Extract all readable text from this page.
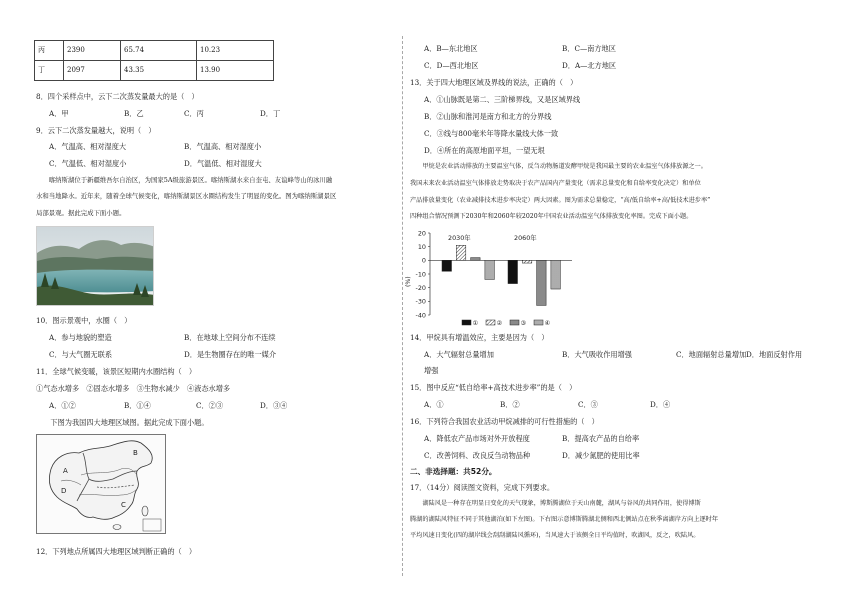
丙	2390	65.74	10.23
丁	2097	43.35	13.90
8．四个采样点中，云下二次蒸发量最大的是（　）
A．甲	B．乙	C．丙	D．丁
9．云下二次蒸发量越大，说明（　）
A．气温高、相对湿度大	B．气温高、相对湿度小
C．气温低、相对湿度小	D．气温低、相对湿度大
　　喀纳斯湖位于新疆维吾尔自治区，为国家5A级旅游景区。喀纳斯湖水来自奎屯、友谊峰等山的冰川融
水和当地降水。近年来，随着全球气候变化，喀纳斯湖景区水圈结构发生了明显的变化。图为喀纳斯湖景区
局部景观。据此完成下面小题。
10．图示景观中，水圈（　）
A．参与地貌的塑造	B．在地球上空间分布不连续
C．与大气圈无联系	D．是生物圈存在的唯一媒介
11．全球气候变暖，该景区短期内水圈结构（　）
①气态水增多　②固态水增多　③生物水减少　④液态水增多
A．①②	B．①④	C．②③	D．③④
　　下图为我国四大地理区域图。据此完成下面小题。
A
B
C
D
12．下列地点所属四大地理区域判断正确的（　）
A．B—东北地区	B．C—南方地区
C．D—西北地区	D．A—北方地区
13．关于四大地理区域及界线的说法，正确的（　）
A．①山脉既是第二、三阶梯界线，又是区域界线
B．②山脉和淮河是南方和北方的分界线
C．③线与800毫米年等降水量线大体一致
D．④所在的高原地面平坦，一望无垠
　　甲烷是农业活动排放的主要温室气体，反刍动物肠道发酵甲烷是我国最主要的农业温室气体排放源之一。
我国未来农业活动温室气体排放走势取决于农产品国内产量变化（需求总量变化和自给率变化决定）和单位
产品排放量变化（农业减排技术进步率决定）两大因素。图为需求总量稳定，“高/低自给率+高/低技术进步率”
四种组合情况预测下2030年和2060年较2020年中国农业活动温室气体排放变化率图。完成下面小题。
20
10
0
-10
-20
-30
-40
(%)
2030年	2060年
①	②	③	④
14．甲烷具有增温效应，主要是因为（　）
A．大气辐射总量增加	B．大气吸收作用增强	C．地面辐射总量增加 D．地面反射作用
增强
15．图中反应“低自给率+高技术进步率”的是（　）
A．①	B．②	C．③	D．④
16．下列符合我国农业活动甲烷减排的可行性措施的（　）
A．降低农产品市场对外开放程度	B．提高农产品的自给率
C．改善饲料、改良反刍动物品种	D．减少氮肥的使用比率
二、非选择题：共52分。
17．（14分）阅读图文资料，完成下列要求。
　　湖陆风是一种存在明显日变化的天气现象，博斯腾湖位于天山南麓，湖风与谷风的共同作用，使得博斯
腾湖的湖陆风特征不同于其他湖泊(如下左图)。下右图示意博斯腾湖北侧和西北侧站点在秋季离湖岸方向上逐时年
平均风速日变化(四的湖岸线会刮刮湖陆风循环)，当风速大于该侧全日平均值时，吹湖风，反之，吹陆风。
